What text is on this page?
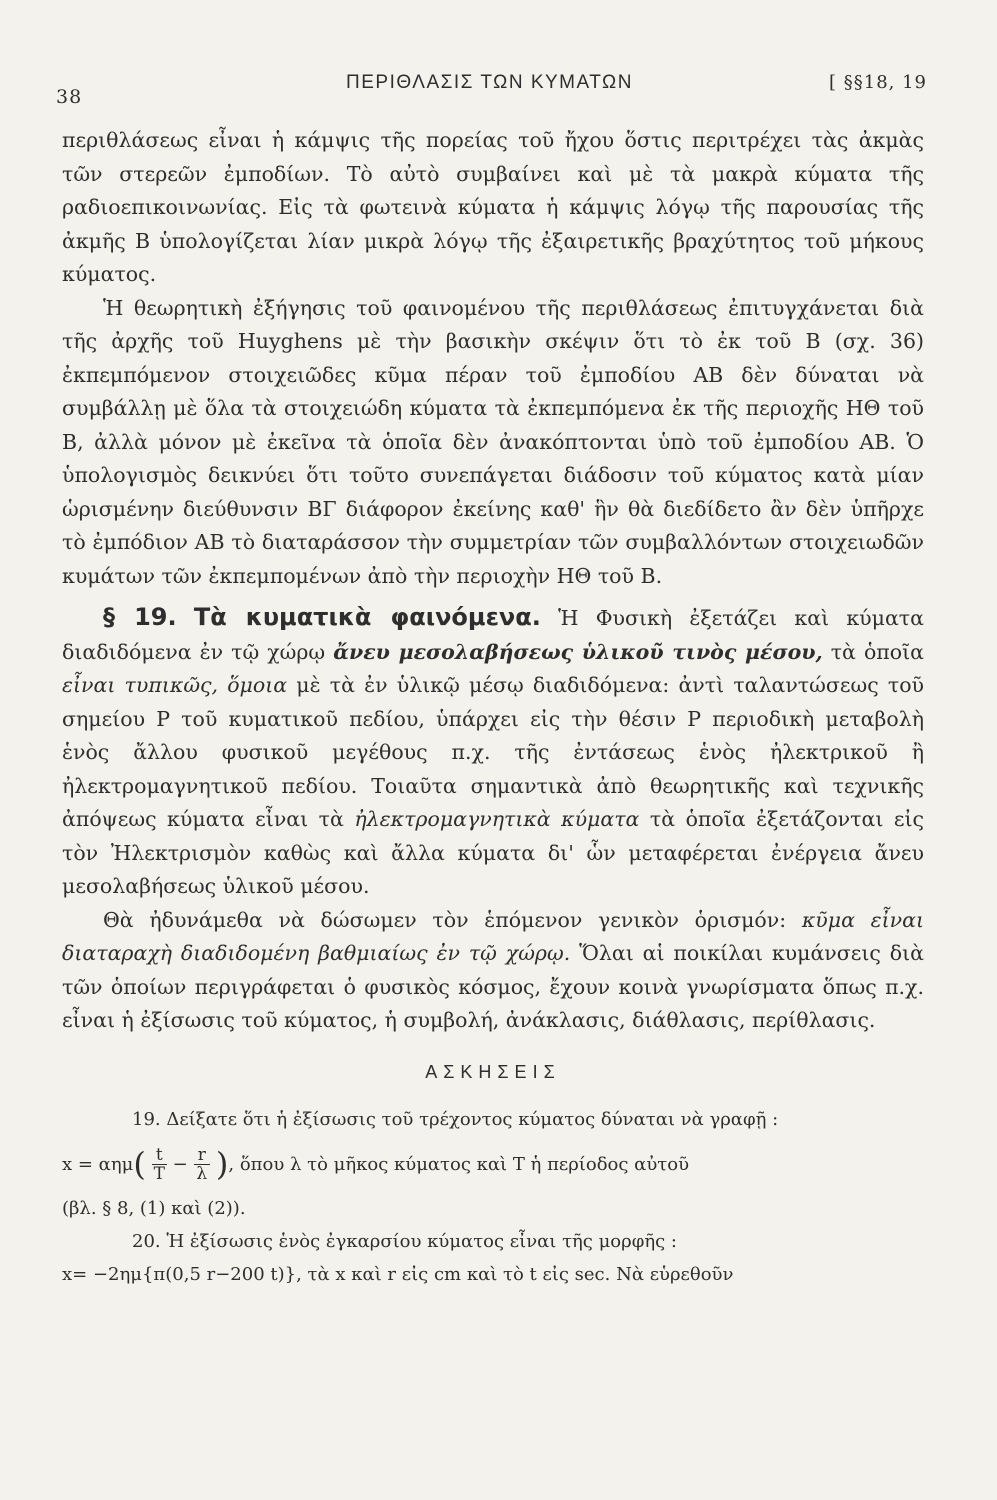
38
ΠΕΡΙΘΛΑΣΙΣ ΤΩΝ ΚΥΜΑΤΩΝ	[ §§18, 19

περιθλάσεως εἶναι ἡ κάμψις τῆς πορείας τοῦ ἤχου ὅστις περιτρέχει τὰς ἀκμὰς τῶν στερεῶν ἐμποδίων. Τὸ αὐτὸ συμβαίνει καὶ μὲ τὰ μακρὰ κύματα τῆς ραδιοεπικοινωνίας. Εἰς τὰ φωτεινὰ κύματα ἡ κάμψις λόγῳ τῆς παρουσίας τῆς ἀκμῆς Β ὑπολογίζεται λίαν μικρὰ λόγῳ τῆς ἐξαιρετικῆς βραχύτητος τοῦ μήκους κύματος.

Ἡ θεωρητικὴ ἐξήγησις τοῦ φαινομένου τῆς περιθλάσεως ἐπιτυγχάνεται διὰ τῆς ἀρχῆς τοῦ Huyghens μὲ τὴν βασικὴν σκέψιν ὅτι τὸ ἐκ τοῦ Β (σχ. 36) ἐκπεμπόμενον στοιχειῶδες κῦμα πέραν τοῦ ἐμποδίου ΑΒ δὲν δύναται νὰ συμβάλλῃ μὲ ὅλα τὰ στοιχειώδη κύματα τὰ ἐκπεμπόμενα ἐκ τῆς περιοχῆς ΗΘ τοῦ Β, ἀλλὰ μόνον μὲ ἐκεῖνα τὰ ὁποῖα δὲν ἀνακόπτονται ὑπὸ τοῦ ἐμποδίου ΑΒ. Ὁ ὑπολογισμὸς δεικνύει ὅτι τοῦτο συνεπάγεται διάδοσιν τοῦ κύματος κατὰ μίαν ὡρισμένην διεύθυνσιν ΒΓ διάφορον ἐκείνης καθ' ἣν θὰ διεδίδετο ἂν δὲν ὑπῆρχε τὸ ἐμπόδιον ΑΒ τὸ διαταράσσον τὴν συμμετρίαν τῶν συμβαλλόντων στοιχειωδῶν κυμάτων τῶν ἐκπεμπομένων ἀπὸ τὴν περιοχὴν ΗΘ τοῦ Β.

§ 19. Τὰ κυματικὰ φαινόμενα. Ἡ Φυσικὴ ἐξετάζει καὶ κύματα διαδιδόμενα ἐν τῷ χώρῳ ἄνευ μεσολαβήσεως ὑλικοῦ τινὸς μέσου, τὰ ὁποῖα εἶναι τυπικῶς, ὅμοια μὲ τὰ ἐν ὑλικῷ μέσῳ διαδιδόμενα: ἀντὶ ταλαντώσεως τοῦ σημείου Ρ τοῦ κυματικοῦ πεδίου, ὑπάρχει εἰς τὴν θέσιν Ρ περιοδικὴ μεταβολὴ ἑνὸς ἄλλου φυσικοῦ μεγέθους π.χ. τῆς ἐντάσεως ἑνὸς ἠλεκτρικοῦ ἢ ἠλεκτρομαγνητικοῦ πεδίου. Τοιαῦτα σημαντικὰ ἀπὸ θεωρητικῆς καὶ τεχνικῆς ἀπόψεως κύματα εἶναι τὰ ἠλεκτρομαγνητικὰ κύματα τὰ ὁποῖα ἐξετάζονται εἰς τὸν Ἠλεκτρισμὸν καθὼς καὶ ἄλλα κύματα δι' ὧν μεταφέρεται ἐνέργεια ἄνευ μεσολαβήσεως ὑλικοῦ μέσου.

Θὰ ἠδυνάμεθα νὰ δώσωμεν τὸν ἑπόμενον γενικὸν ὁρισμόν: κῦμα εἶναι διαταραχὴ διαδιδομένη βαθμιαίως ἐν τῷ χώρῳ. Ὅλαι αἱ ποικίλαι κυμάνσεις διὰ τῶν ὁποίων περιγράφεται ὁ φυσικὸς κόσμος, ἔχουν κοινὰ γνωρίσματα ὅπως π.χ. εἶναι ἡ ἐξίσωσις τοῦ κύματος, ἡ συμβολή, ἀνάκλασις, διάθλασις, περίθλασις.

ΑΣΚΗΣΕΙΣ
19. Δείξατε ὅτι ἡ ἐξίσωσις τοῦ τρέχοντος κύματος δύναται νὰ γραφῇ :
x = αημ ( $\frac{t}{T} - \frac{r}{\lambda}$ ) , ὅπου λ τὸ μῆκος κύματος καὶ Τ ἡ περίοδος αὐτοῦ
(βλ. § 8, (1) καὶ (2)).
20. Ἡ ἐξίσωσις ἑνὸς ἐγκαρσίου κύματος εἶναι τῆς μορφῆς :
x= −2ημ{π(0,5 r−200 t)}, τὰ x καὶ r εἰς cm καὶ τὸ t εἰς sec. Νὰ εὑρεθοῦν
